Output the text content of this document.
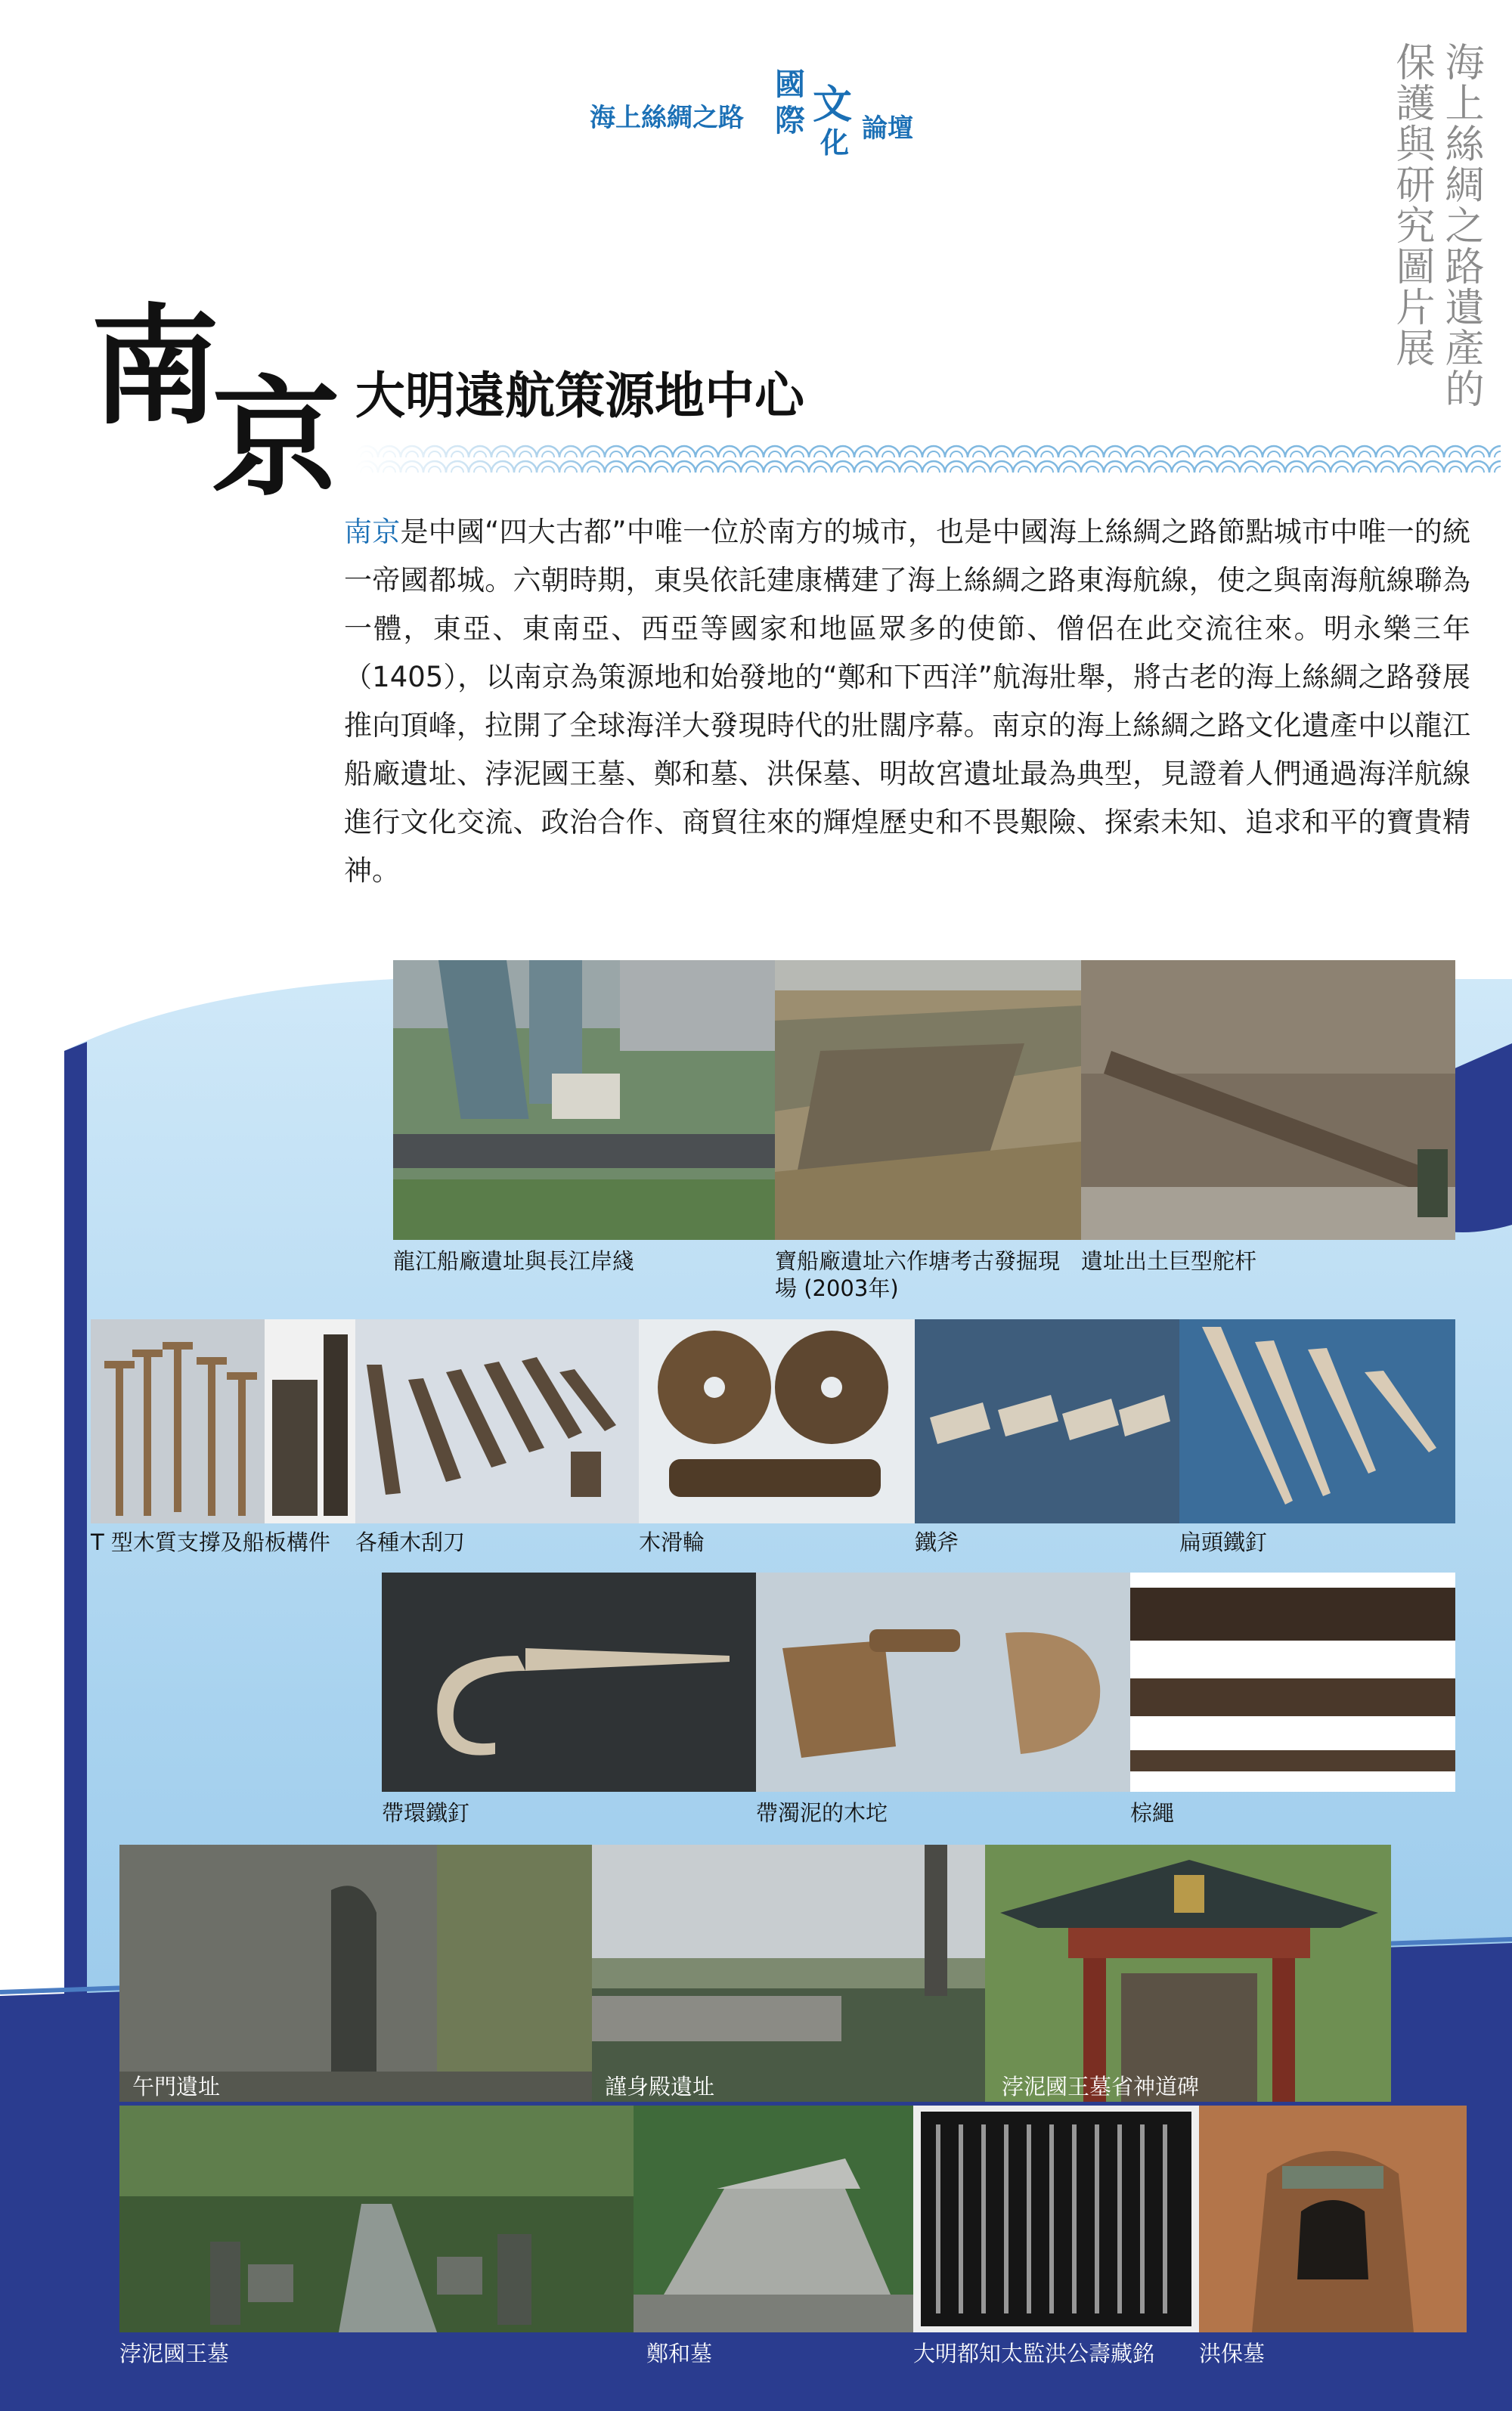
海上絲綢之路
國
際 文
化 論壇	海上絲綢之路遺產的
保護與研究圖片展
南
京 大明遠航策源地中心

南京是中國“四大古都”中唯一位於南方的城市，也是中國海上絲綢之路節點城市中唯一的統一帝國都城。六朝時期，東吳依託建康構建了海上絲綢之路東海航線，使之與南海航線聯為一體，東亞、東南亞、西亞等國家和地區眾多的使節、僧侶在此交流往來。明永樂三年（1405），以南京為策源地和始發地的“鄭和下西洋”航海壯舉，將古老的海上絲綢之路發展推向頂峰，拉開了全球海洋大發現時代的壯闊序幕。南京的海上絲綢之路文化遺產中以龍江船廠遺址、浡泥國王墓、鄭和墓、洪保墓、明故宮遺址最為典型，見證着人們通過海洋航線進行文化交流、政治合作、商貿往來的輝煌歷史和不畏艱險、探索未知、追求和平的寶貴精神。

龍江船廠遺址與長江岸綫	寶船廠遺址六作塘考古發掘現場 (2003年)
遺址出土巨型舵杆
T 型木質支撐及船板構件 各種木刮刀	木滑輪	鐵斧	扁頭鐵釘
帶環鐵釘	帶濁泥的木坨	棕繩
午門遺址	謹身殿遺址	浡泥國王墓省神道碑
浡泥國王墓	鄭和墓	大明都知太監洪公壽藏銘 洪保墓
